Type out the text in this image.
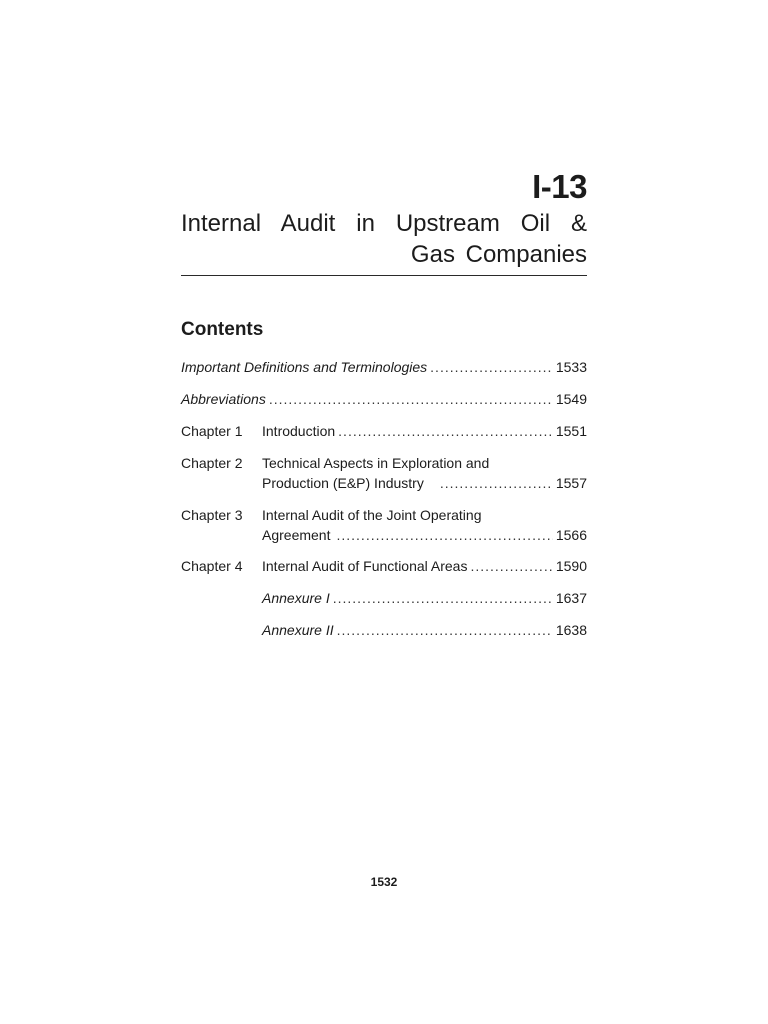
I-13
Internal Audit in Upstream Oil & Gas Companies
Contents
Important Definitions and Terminologies .....	1533
Abbreviations .....	1549
Chapter 1	Introduction .....	1551
Chapter 2	Technical Aspects in Exploration and
Production (E&P) Industry .....	1557
Chapter 3	Internal Audit of the Joint Operating
Agreement .....	1566
Chapter 4	Internal Audit of Functional Areas .....	1590
Annexure I .....	1637
Annexure II .....	1638
1532
